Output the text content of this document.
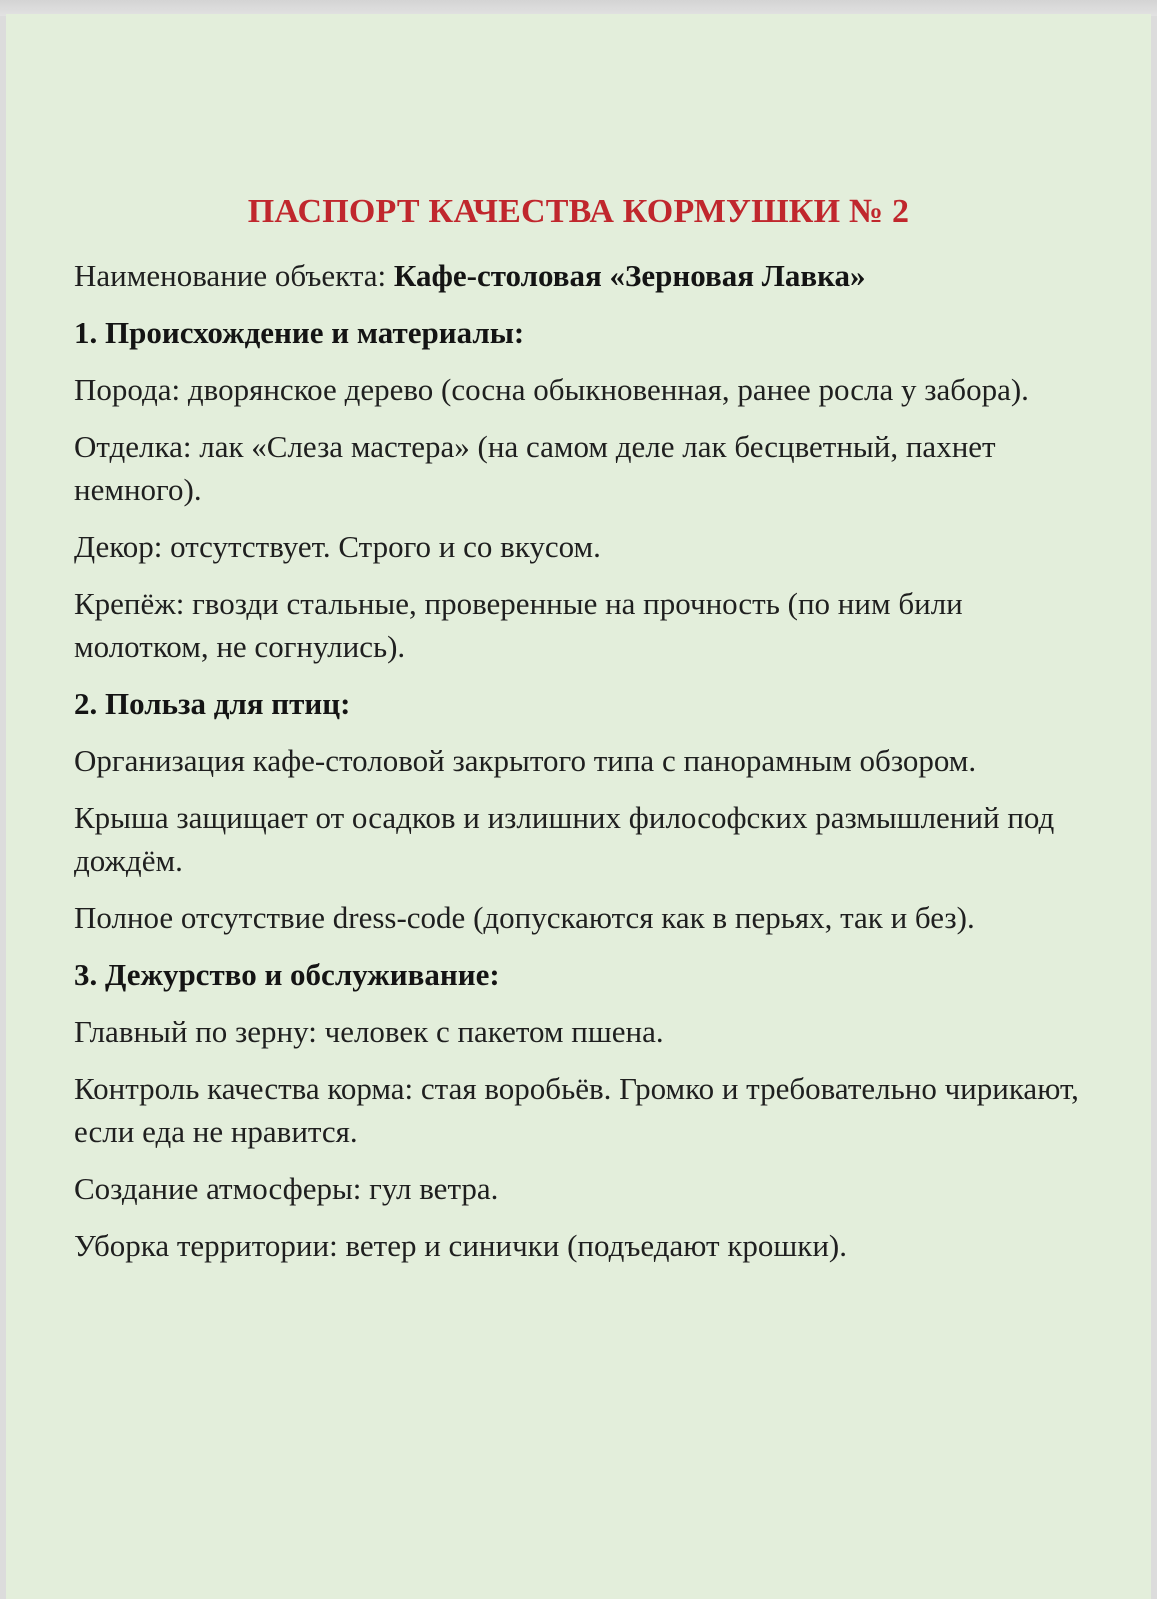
ПАСПОРТ КАЧЕСТВА КОРМУШКИ № 2

Наименование объекта: Кафе-столовая «Зерновая Лавка»

1. Происхождение и материалы:

Порода: дворянское дерево (сосна обыкновенная, ранее росла у забора).

Отделка: лак «Слеза мастера» (на самом деле лак бесцветный, пахнет немного).

Декор: отсутствует. Строго и со вкусом.

Крепёж: гвозди стальные, проверенные на прочность (по ним били молотком, не согнулись).

2. Польза для птиц:

Организация кафе-столовой закрытого типа с панорамным обзором.

Крыша защищает от осадков и излишних философских размышлений под дождём.

Полное отсутствие dress-code (допускаются как в перьях, так и без).

3. Дежурство и обслуживание:

Главный по зерну: человек с пакетом пшена.

Контроль качества корма: стая воробьёв. Громко и требовательно чирикают, если еда не нравится.

Создание атмосферы: гул ветра.

Уборка территории: ветер и синички (подъедают крошки).
